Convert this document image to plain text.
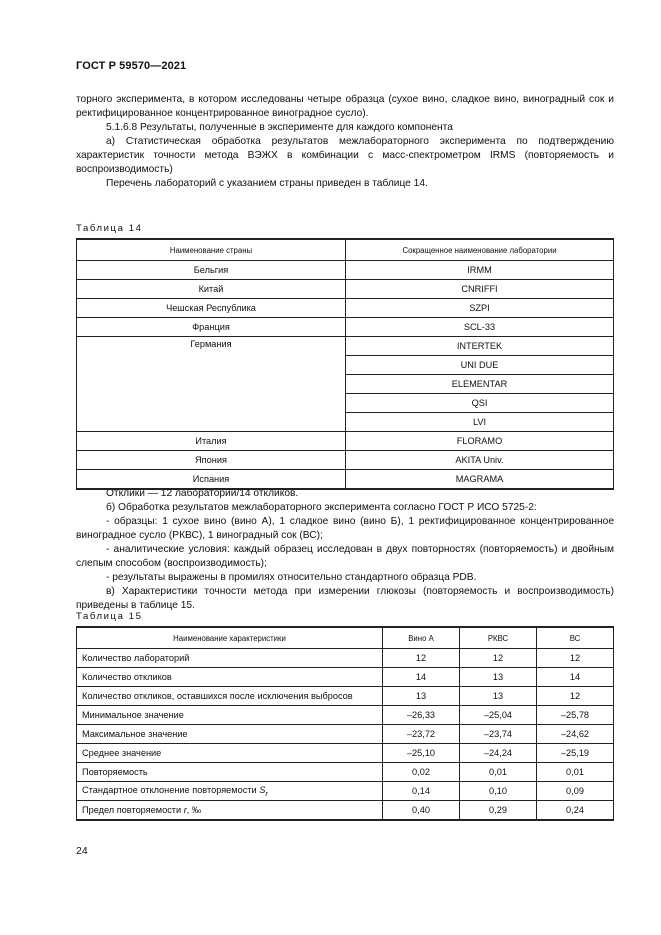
ГОСТ Р 59570—2021
торного эксперимента, в котором исследованы четыре образца (сухое вино, сладкое вино, виноградный сок и ректифицированное концентрированное виноградное сусло).
5.1.6.8 Результаты, полученные в эксперименте для каждого компонента
а) Статистическая обработка результатов межлабораторного эксперимента по подтверждению характеристик точности метода ВЭЖХ в комбинации с масс-спектрометром IRMS (повторяемость и воспроизводимость)
Перечень лабораторий с указанием страны приведен в таблице 14.
Таблица 14
Наименование страны	Сокращенное наименование лаборатории
Бельгия	IRMM
Китай	CNRIFFI
Чешская Республика	SZPI
Франция	SCL-33
Германия	INTERTEK
	UNI DUE
	ELEMENTAR
	QSI
	LVI
Италия	FLORAMO
Япония	AKITA Univ.
Испания	MAGRAMA
Отклики — 12 лабораторий/14 откликов.
б) Обработка результатов межлабораторного эксперимента согласно ГОСТ Р ИСО 5725-2:
- образцы: 1 сухое вино (вино А), 1 сладкое вино (вино Б), 1 ректифицированное концентрированное виноградное сусло (РКВС), 1 виноградный сок (ВС);
- аналитические условия: каждый образец исследован в двух повторностях (повторяемость) и двойным слепым способом (воспроизводимость);
- результаты выражены в промилях относительно стандартного образца PDB.
в) Характеристики точности метода при измерении глюкозы (повторяемость и воспроизводимость) приведены в таблице 15.
Таблица 15
Наименование характеристики	Вино А	РКВС	ВС
Количество лабораторий	12	12	12
Количество откликов	14	13	14
Количество откликов, оставшихся после исключения выбросов	13	13	12
Минимальное значение	–26,33	–25,04	–25,78
Максимальное значение	–23,72	–23,74	–24,62
Среднее значение	–25,10	–24,24	–25,19
Повторяемость	0,02	0,01	0,01
Стандартное отклонение повторяемости $S_r$	0,14	0,10	0,09
Предел повторяемости r, ‰	0,40	0,29	0,24
24
